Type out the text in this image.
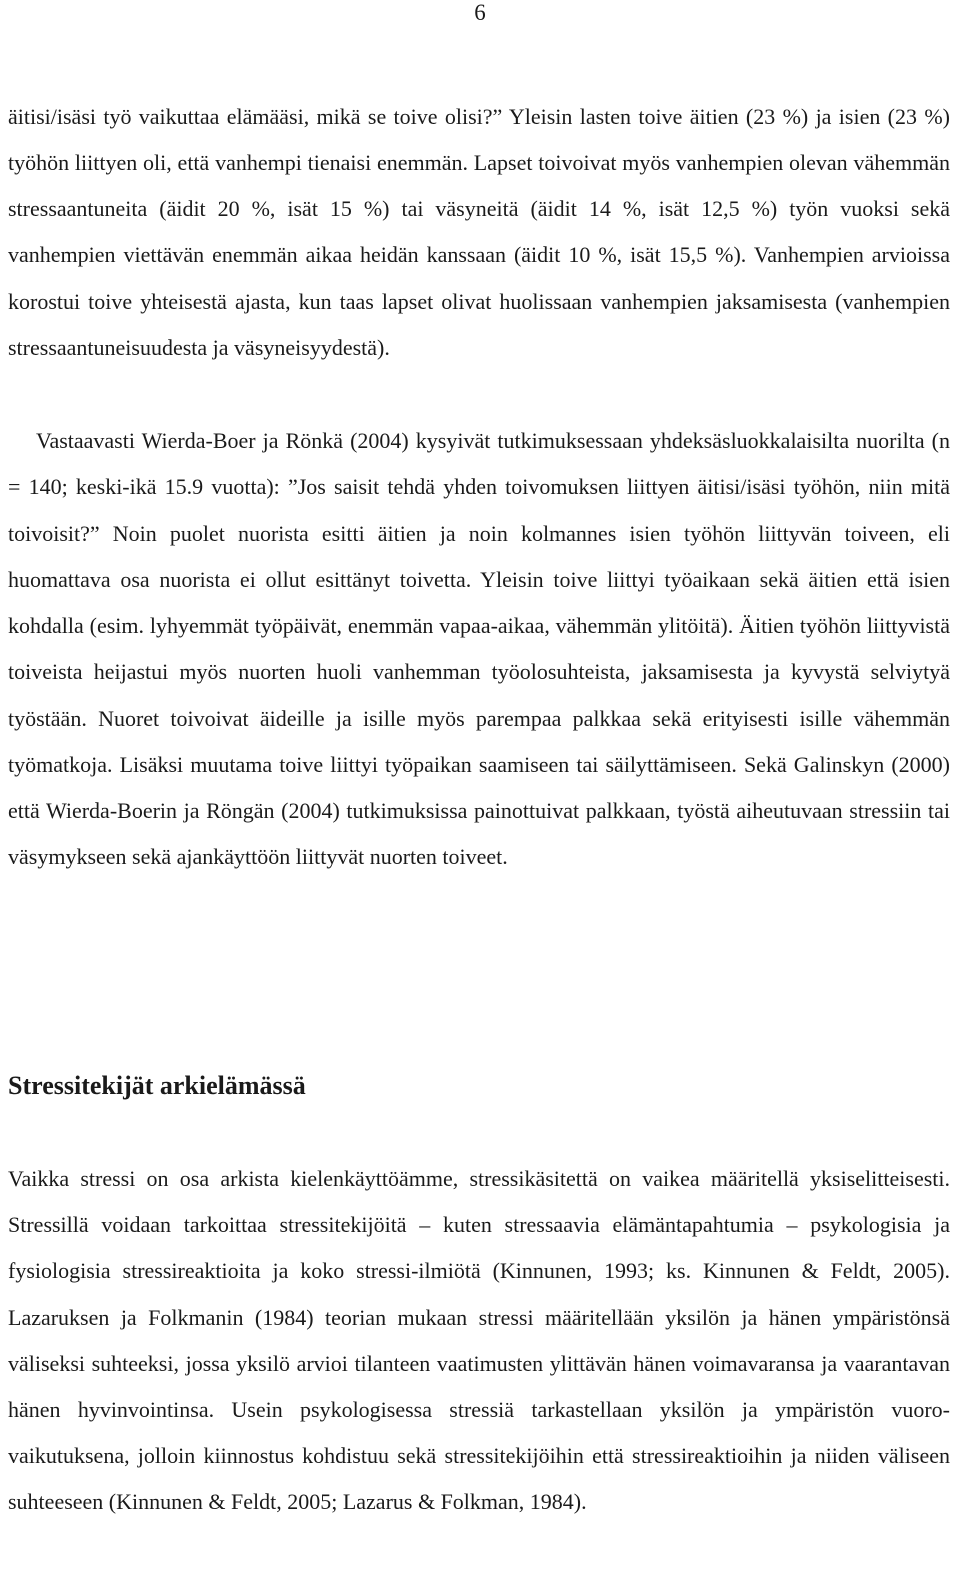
6

äitisi/isäsi työ vaikuttaa elämääsi, mikä se toive olisi?” Yleisin lasten toive äitien (23 %) ja isien (23 %) työhön liittyen oli, että vanhempi tienaisi enemmän. Lapset toivoivat myös vanhempien olevan vähemmän stressaantuneita (äidit 20 %, isät 15 %) tai väsyneitä (äidit 14 %, isät 12,5 %) työn vuoksi sekä vanhempien viettävän enemmän aikaa heidän kanssaan (äidit 10 %, isät 15,5 %). Vanhempien arvioissa korostui toive yhteisestä ajasta, kun taas lapset olivat huolissaan vanhempien jaksamisesta (vanhempien stressaantuneisuudesta ja väsyneisyydestä).

Vastaavasti Wierda-Boer ja Rönkä (2004) kysyivät tutkimuksessaan yhdeksäsluokkalaisilta nuorilta (n = 140; keski-ikä 15.9 vuotta): ”Jos saisit tehdä yhden toivomuksen liittyen äitisi/isäsi työhön, niin mitä toivoisit?” Noin puolet nuorista esitti äitien ja noin kolmannes isien työhön liittyvän toiveen, eli huomattava osa nuorista ei ollut esittänyt toivetta. Yleisin toive liittyi työaikaan sekä äitien että isien kohdalla (esim. lyhyemmät työpäivät, enemmän vapaa-aikaa, vähemmän ylitöitä). Äitien työhön liittyvistä toiveista heijastui myös nuorten huoli vanhemman työolosuhteista, jaksamisesta ja kyvystä selviytyä työstään. Nuoret toivoivat äideille ja isille myös parempaa palkkaa sekä erityisesti isille vähemmän työmatkoja. Lisäksi muutama toive liittyi työpaikan saamiseen tai säilyttämiseen. Sekä Galinskyn (2000) että Wierda-Boerin ja Röngän (2004) tutkimuksissa painottuivat palkkaan, työstä aiheutuvaan stressiin tai väsymykseen sekä ajankäyttöön liittyvät nuorten toiveet.

Stressitekijät arkielämässä

Vaikka stressi on osa arkista kielenkäyttöämme, stressikäsitettä on vaikea määritellä yksiselitteisesti. Stressillä voidaan tarkoittaa stressitekijöitä – kuten stressaavia elämäntapahtumia – psykologisia ja fysiologisia stressireaktioita ja koko stressi-ilmiötä (Kinnunen, 1993; ks. Kinnunen & Feldt, 2005). Lazaruksen ja Folkmanin (1984) teorian mukaan stressi määritellään yksilön ja hänen ympäristönsä väliseksi suhteeksi, jossa yksilö arvioi tilanteen vaatimusten ylittävän hänen voimavaransa ja vaarantavan hänen hyvinvointinsa. Usein psykologisessa stressiä tarkastellaan yksilön ja ympäristön vuorovaikutuksena, jolloin kiinnostus kohdistuu sekä stressitekijöihin että stressireaktioihin ja niiden väliseen suhteeseen (Kinnunen & Feldt, 2005; Lazarus & Folkman, 1984).
